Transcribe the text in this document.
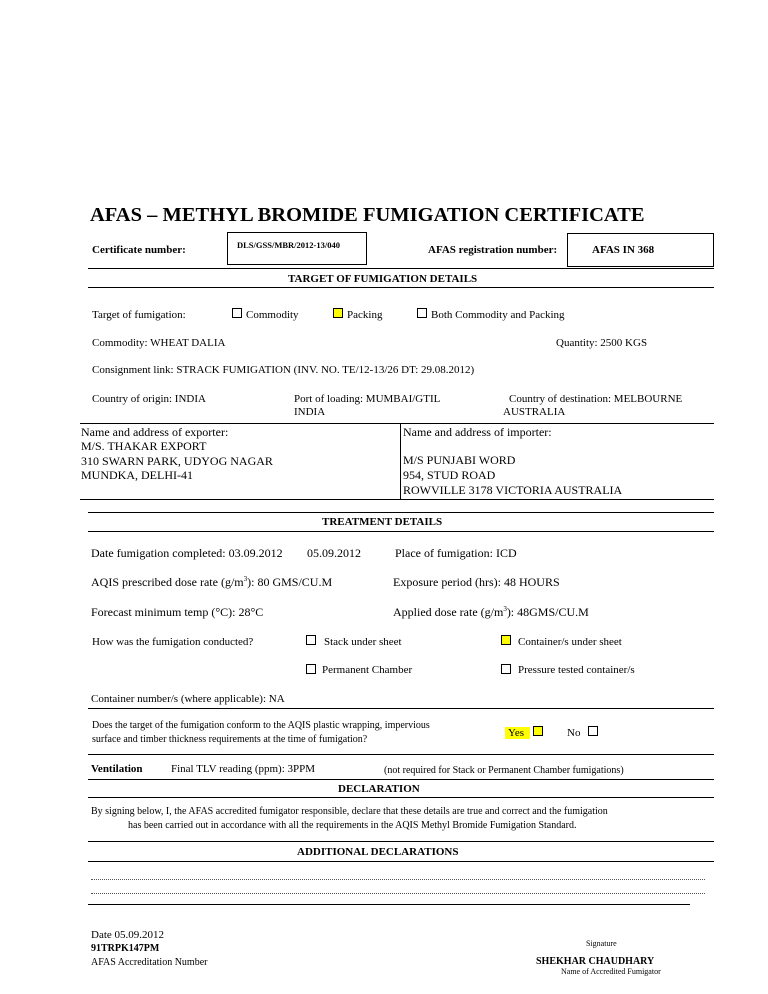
AFAS – METHYL BROMIDE FUMIGATION CERTIFICATE
Certificate number:	DLS/GSS/MBR/2012-13/040	AFAS registration number:	AFAS IN 368
TARGET OF FUMIGATION DETAILS
Target of fumigation:	Commodity	Packing	Both Commodity and Packing
Commodity: WHEAT DALIA	Quantity: 2500 KGS
Consignment link: STRACK FUMIGATION (INV. NO. TE/12-13/26 DT: 29.08.2012)
Country of origin: INDIA	Port of loading: MUMBAI/GTIL
INDIA
Country of destination: MELBOURNE
AUSTRALIA
Name and address of exporter:
M/S. THAKAR EXPORT
310 SWARN PARK, UDYOG NAGAR
MUNDKA, DELHI-41
Name and address of importer:
M/S PUNJABI WORD
954, STUD ROAD
ROWVILLE 3178 VICTORIA AUSTRALIA
TREATMENT DETAILS
Date fumigation completed: 03.09.2012 05.09.2012	Place of fumigation: ICD
AQIS prescribed dose rate $(g/m^3)$: 80 GMS/CU.M	Exposure period (hrs): 48 HOURS
Forecast minimum temp (°C): 28°C	Applied dose rate $(g/m^3)$: 48GMS/CU.M
How was the fumigation conducted?	Stack under sheet	Container/s under sheet
Permanent Chamber	Pressure tested container/s
Container number/s (where applicable): NA
Does the target of the fumigation conform to the AQIS plastic wrapping, impervious
surface and timber thickness requirements at the time of fumigation?
Yes	No
Ventilation	Final TLV reading (ppm): 3PPM	(not required for Stack or Permanent Chamber fumigations)
DECLARATION
By signing below, I, the AFAS accredited fumigator responsible, declare that these details are true and correct and the fumigation
has been carried out in accordance with all the requirements in the AQIS Methyl Bromide Fumigation Standard.
ADDITIONAL DECLARATIONS
Date 05.09.2012
91TRPK147PM
AFAS Accreditation Number
Signature
SHEKHAR CHAUDHARY
Name of Accredited Fumigator
